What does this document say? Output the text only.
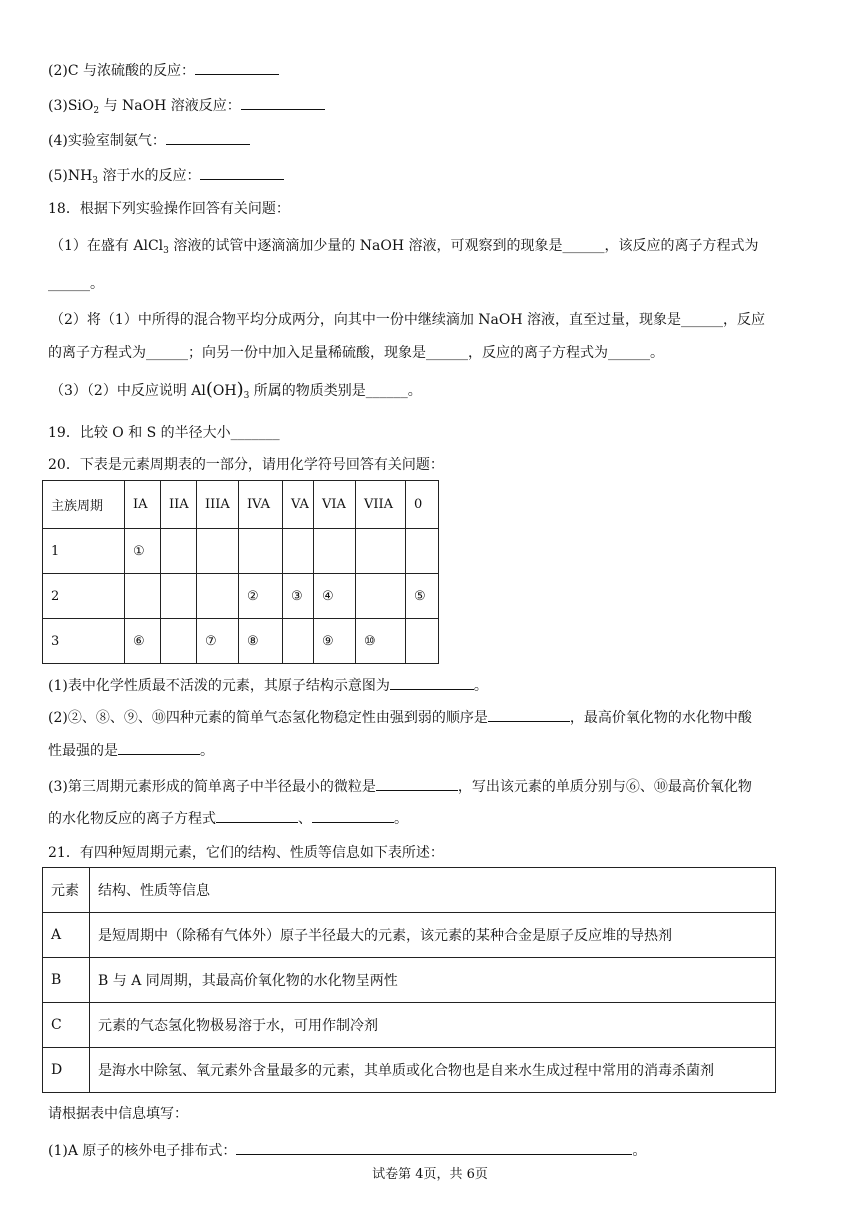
(2)C 与浓硫酸的反应：
(3)SiO$_2$ 与 NaOH 溶液反应：
(4)实验室制氨气：
$(5)NH_3$ 溶于水的反应：
18．根据下列实验操作回答有关问题：
（1）在盛有 AlCl$_3$ 溶液的试管中逐滴滴加少量的 NaOH 溶液，可观察到的现象是______，该反应的离子方程式为
______。
（2）将（1）中所得的混合物平均分成两分，向其中一份中继续滴加 NaOH 溶液，直至过量，现象是______，反应
的离子方程式为______；向另一份中加入足量稀硫酸，现象是______，反应的离子方程式为______。
（3）（2）中反应说明 $Al(OH)_3$ 所属的物质类别是______。
19．比较 O 和 S 的半径大小_______
20．下表是元素周期表的一部分，请用化学符号回答有关问题：
主族周期	IA	IIA	IIIA	IVA	VA	VIA	VIIA	0
1	①							
2				②	③	④		⑤
3	⑥		⑦	⑧		⑨	⑩	
(1)表中化学性质最不活泼的元素，其原子结构示意图为	。
(2)②、⑧、⑨、⑩四种元素的简单气态氢化物稳定性由强到弱的顺序是	，最高价氧化物的水化物中酸
性最强的是	。
(3)第三周期元素形成的简单离子中半径最小的微粒是	，写出该元素的单质分别与⑥、⑩最高价氧化物
的水化物反应的离子方程式	、	。
21．有四种短周期元素，它们的结构、性质等信息如下表所述：
元素	结构、性质等信息
A	是短周期中（除稀有气体外）原子半径最大的元素，该元素的某种合金是原子反应堆的导热剂
B	B 与 A 同周期，其最高价氧化物的水化物呈两性
C	元素的气态氢化物极易溶于水，可用作制冷剂
D	是海水中除氢、氧元素外含量最多的元素，其单质或化合物也是自来水生成过程中常用的消毒杀菌剂
请根据表中信息填写：
(1)A 原子的核外电子排布式：	。
试卷第 4页，共 6页
